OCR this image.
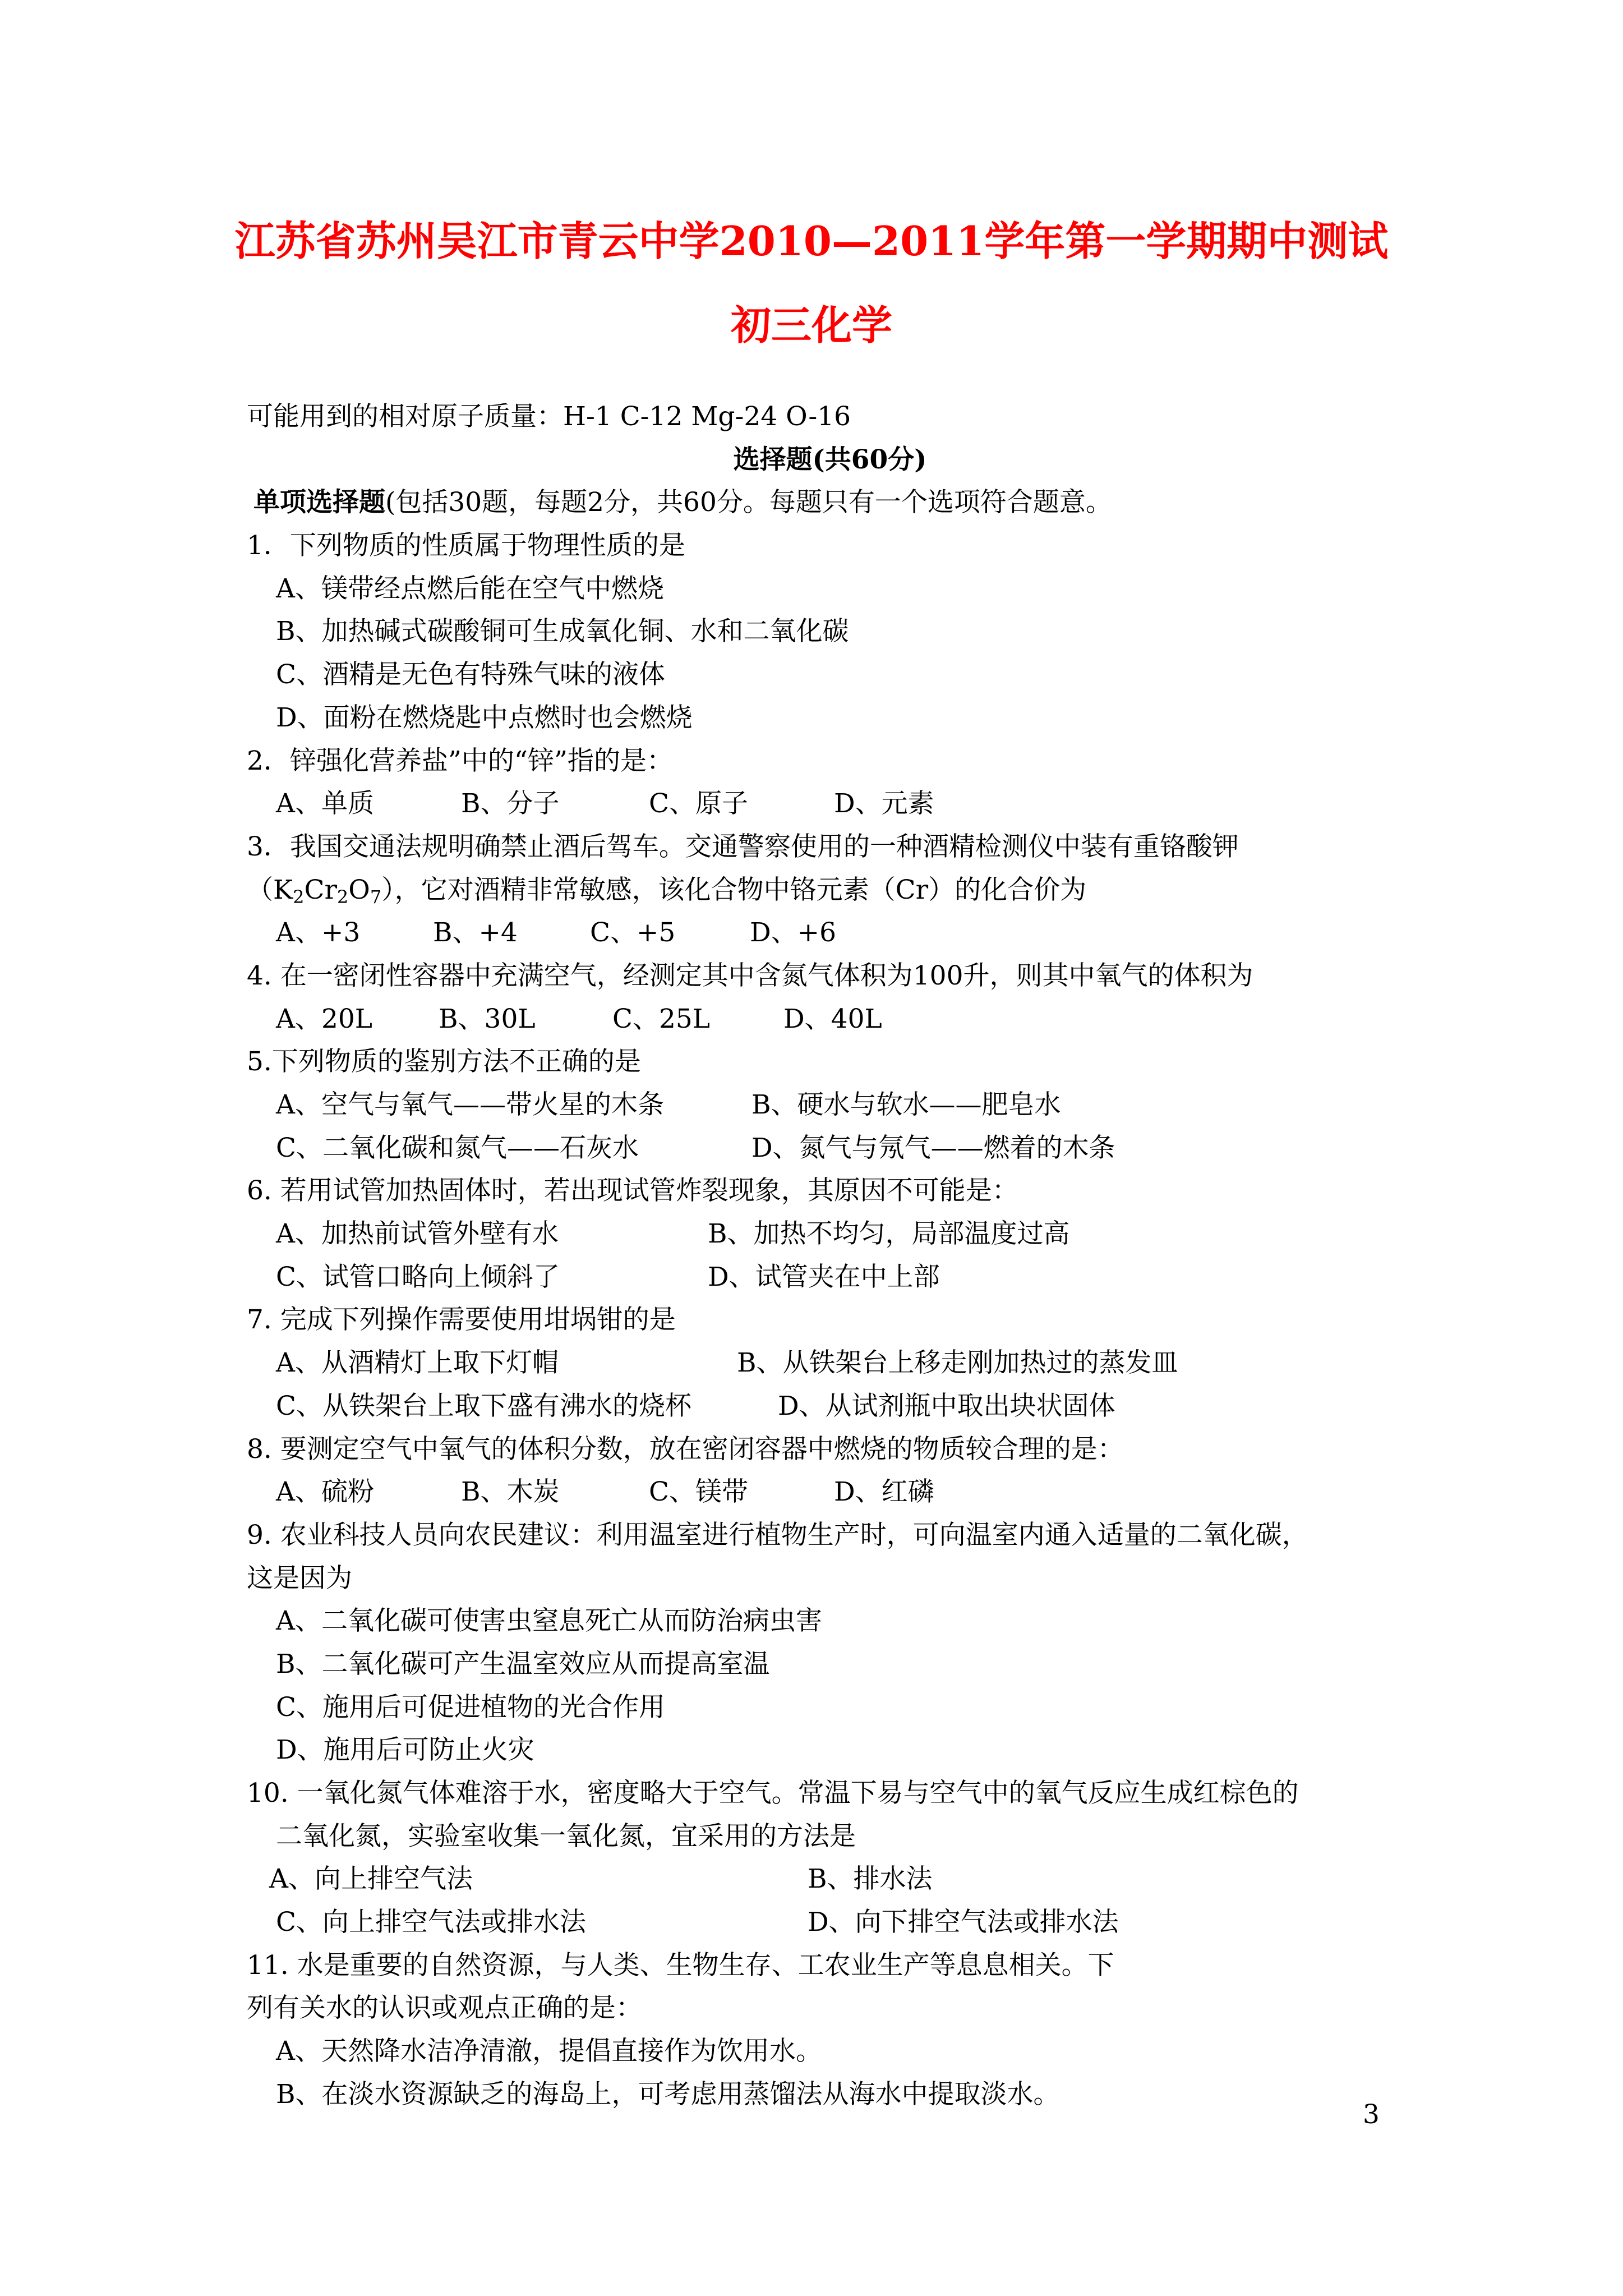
江苏省苏州吴江市青云中学2010—2011学年第一学期期中测试
初三化学
可能用到的相对原子质量：H-1 C-12 Mg-24 O-16
选择题(共60分)
单项选择题(包括30题，每题2分，共60分。每题只有一个选项符合题意。
1．下列物质的性质属于物理性质的是
A、镁带经点燃后能在空气中燃烧
B、加热碱式碳酸铜可生成氧化铜、水和二氧化碳
C、酒精是无色有特殊气味的液体
D、面粉在燃烧匙中点燃时也会燃烧
2．锌强化营养盐”中的“锌”指的是：
A、单质	B、分子	C、原子	D、元素
3．我国交通法规明确禁止酒后驾车。交通警察使用的一种酒精检测仪中装有重铬酸钾
$(K_2Cr_2O_7)$，它对酒精非常敏感，该化合物中铬元素（Cr）的化合价为
A、+3	B、+4	C、+5	D、+6
4. 在一密闭性容器中充满空气，经测定其中含氮气体积为100升，则其中氧气的体积为
A、20L	B、30L	C、25L	D、40L
5.下列物质的鉴别方法不正确的是
A、空气与氧气——带火星的木条	B、硬水与软水——肥皂水
C、二氧化碳和氮气——石灰水	D、氮气与氖气——燃着的木条
6. 若用试管加热固体时，若出现试管炸裂现象，其原因不可能是：
A、加热前试管外壁有水	B、加热不均匀，局部温度过高
C、试管口略向上倾斜了	D、试管夹在中上部
7. 完成下列操作需要使用坩埚钳的是
A、从酒精灯上取下灯帽	B、从铁架台上移走刚加热过的蒸发皿
C、从铁架台上取下盛有沸水的烧杯	D、从试剂瓶中取出块状固体
8. 要测定空气中氧气的体积分数，放在密闭容器中燃烧的物质较合理的是：
A、硫粉	B、木炭	C、镁带	D、红磷
9. 农业科技人员向农民建议：利用温室进行植物生产时，可向温室内通入适量的二氧化碳，
这是因为
A、二氧化碳可使害虫窒息死亡从而防治病虫害
B、二氧化碳可产生温室效应从而提高室温
C、施用后可促进植物的光合作用
D、施用后可防止火灾
10. 一氧化氮气体难溶于水，密度略大于空气。常温下易与空气中的氧气反应生成红棕色的
二氧化氮，实验室收集一氧化氮，宜采用的方法是
A、向上排空气法	B、排水法
C、向上排空气法或排水法	D、向下排空气法或排水法
11. 水是重要的自然资源，与人类、生物生存、工农业生产等息息相关。下
列有关水的认识或观点正确的是：
A、天然降水洁净清澈，提倡直接作为饮用水。
B、在淡水资源缺乏的海岛上，可考虑用蒸馏法从海水中提取淡水。
3
